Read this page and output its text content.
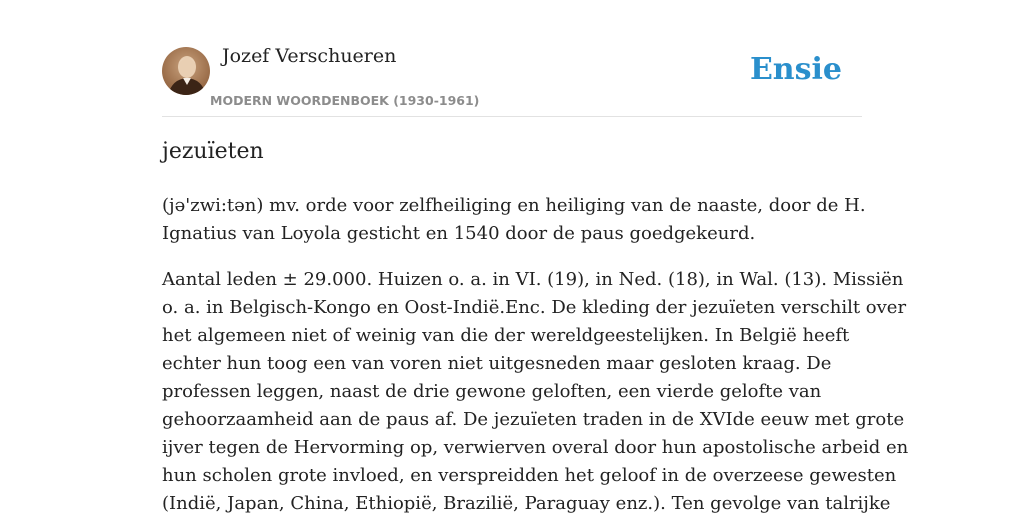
Jozef Verschueren
MODERN WOORDENBOEK (1930-1961)
Ensie
jezuïeten

(jə'zwi:tən) mv. orde voor zelfheiliging en heiliging van de naaste, door de H.
Ignatius van Loyola gesticht en 1540 door de paus goedgekeurd.

Aantal leden ± 29.000. Huizen o. a. in VI. (19), in Ned. (18), in Wal. (13). Missiën
o. a. in Belgisch-Kongo en Oost-Indië.Enc. De kleding der jezuïeten verschilt over
het algemeen niet of weinig van die der wereldgeestelijken. In België heeft
echter hun toog een van voren niet uitgesneden maar gesloten kraag. De
professen leggen, naast de drie gewone geloften, een vierde gelofte van
gehoorzaamheid aan de paus af. De jezuïeten traden in de XVIde eeuw met grote
ijver tegen de Hervorming op, verwierven overal door hun apostolische arbeid en
hun scholen grote invloed, en verspreidden het geloof in de overzeese gewesten
(Indië, Japan, China, Ethiopië, Brazilië, Paraguay enz.). Ten gevolge van talrijke
